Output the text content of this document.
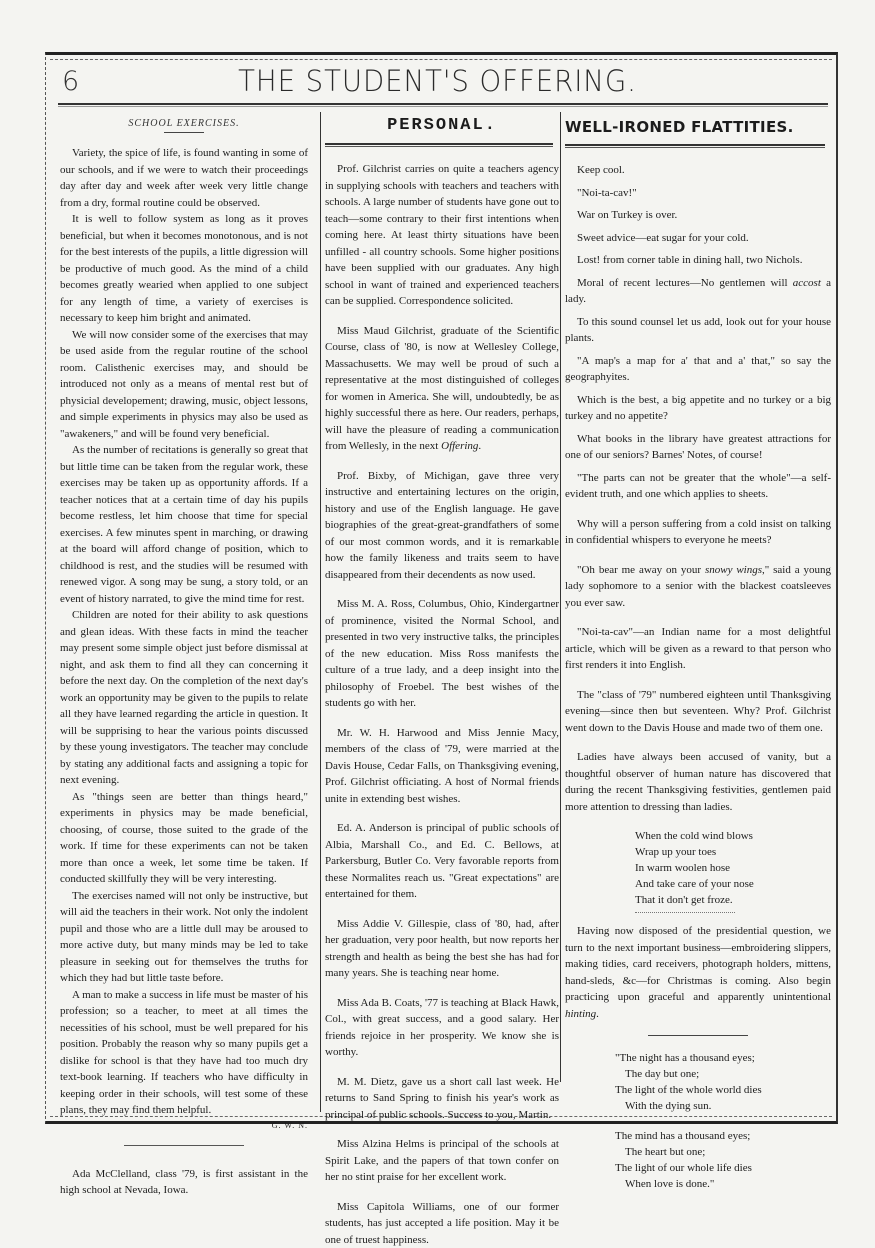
6	THE STUDENT'S OFFERING.
SCHOOL EXERCISES.

Variety, the spice of life, is found wanting in some of our schools, and if we were to watch their proceedings day after day and week after week very little change from a dry, formal routine could be observed.

It is well to follow system as long as it proves beneficial, but when it becomes monotonous, and is not for the best interests of the pupils, a little digression will be productive of much good. As the mind of a child becomes greatly wearied when applied to one subject for any length of time, a variety of exercises is necessary to keep him bright and animated.

We will now consider some of the exercises that may be used aside from the regular routine of the school room. Calisthenic exercises may, and should be introduced not only as a means of mental rest but of physicial developement; drawing, music, object lessons, and simple experiments in physics may also be used as "awakeners," and will be found very beneficial.

As the number of recitations is generally so great that but little time can be taken from the regular work, these exercises may be taken up as opportunity affords. If a teacher notices that at a certain time of day his pupils become restless, let him choose that time for special exercises. A few minutes spent in marching, or drawing at the board will afford change of position, which to childhood is rest, and the studies will be resumed with renewed vigor. A song may be sung, a story told, or an event of history narrated, to give the mind time for rest.

Children are noted for their ability to ask questions and glean ideas. With these facts in mind the teacher may present some simple object just before dismissal at night, and ask them to find all they can concerning it before the next day. On the completion of the next day's work an opportunity may be given to the pupils to relate all they have learned regarding the article in question. It will be supprising to hear the various points discussed by these young investigators. The teacher may conclude by stating any additional facts and assigning a topic for next evening.

As "things seen are better than things heard," experiments in physics may be made beneficial, choosing, of course, those suited to the grade of the work. If time for these experiments can not be taken more than once a week, let some time be taken. If conducted skillfully they will be very interesting.

The exercises named will not only be instructive, but will aid the teachers in their work. Not only the indolent pupil and those who are a little dull may be aroused to more active duty, but many minds may be led to take pleasure in seeking out for themselves the truths for which they had but little taste before.

A man to make a success in life must be master of his profession; so a teacher, to meet at all times the necessities of his school, must be well prepared for his position. Probably the reason why so many pupils get a dislike for school is that they have had too much dry text-book learning. If teachers who have difficulty in keeping order in their schools, will test some of these plans, they may find them helpful.

G. W. N.

Ada McClelland, class '79, is first assistant in the high school at Nevada, Iowa.

PERSONAL.

Prof. Gilchrist carries on quite a teachers agency in supplying schools with teachers and teachers with schools. A large number of students have gone out to teach—some contrary to their first intentions when coming here. At least thirty situations have been unfilled - all country schools. Some higher positions have been supplied with our graduates. Any high school in want of trained and experienced teachers can be supplied. Correspondence solicited.

Miss Maud Gilchrist, graduate of the Scientific Course, class of '80, is now at Wellesley College, Massachusetts. We may well be proud of such a representative at the most distinguished of colleges for women in America. She will, undoubtedly, be as highly successful there as here. Our readers, perhaps, will have the pleasure of reading a communication from Wellesly, in the next Offering.

Prof. Bixby, of Michigan, gave three very instructive and entertaining lectures on the origin, history and use of the English language. He gave biographies of the great-great-grandfathers of some of our most common words, and it is remarkable how the family likeness and traits seem to have disappeared from their decendents as now used.

Miss M. A. Ross, Columbus, Ohio, Kindergartner of prominence, visited the Normal School, and presented in two very instructive talks, the principles of the new education. Miss Ross manifests the culture of a true lady, and a deep insight into the philosophy of Froebel. The best wishes of the students go with her.

Mr. W. H. Harwood and Miss Jennie Macy, members of the class of '79, were married at the Davis House, Cedar Falls, on Thanksgiving evening, Prof. Gilchrist officiating. A host of Normal friends unite in extending best wishes.

Ed. A. Anderson is principal of public schools of Albia, Marshall Co., and Ed. C. Bellows, at Parkersburg, Butler Co. Very favorable reports from these Normalites reach us. "Great expectations" are entertained for them.

Miss Addie V. Gillespie, class of '80, had, after her graduation, very poor health, but now reports her strength and health as being the best she has had for many years. She is teaching near home.

Miss Ada B. Coats, '77 is teaching at Black Hawk, Col., with great success, and a good salary. Her friends rejoice in her prosperity. We know she is worthy.

M. M. Dietz, gave us a short call last week. He returns to Sand Spring to finish his year's work as principal of public schools. Success to you, Martin.

Miss Alzina Helms is principal of the schools at Spirit Lake, and the papers of that town confer on her no stint praise for her excellent work.

Miss Capitola Williams, one of our former students, has just accepted a life position. May it be one of truest happiness.

WELL-IRONED FLATTITIES.

Keep cool.

"Noi-ta-cav!"

War on Turkey is over.

Sweet advice—eat sugar for your cold.

Lost! from corner table in dining hall, two Nichols.

Moral of recent lectures—No gentlemen will accost a lady.

To this sound counsel let us add, look out for your house plants.

"A map's a map for a' that and a' that," so say the geographyites.

Which is the best, a big appetite and no turkey or a big turkey and no appetite?

What books in the library have greatest attractions for one of our seniors? Barnes' Notes, of course!

"The parts can not be greater that the whole"—a self-evident truth, and one which applies to sheets.

Why will a person suffering from a cold insist on talking in confidential whispers to everyone he meets?

"Oh bear me away on your snowy wings," said a young lady sophomore to a senior with the blackest coatsleeves you ever saw.

"Noi-ta-cav"—an Indian name for a most delightful article, which will be given as a reward to that person who first renders it into English.

The "class of '79" numbered eighteen until Thanksgiving evening—since then but seventeen. Why? Prof. Gilchrist went down to the Davis House and made two of them one.

Ladies have always been accused of vanity, but a thoughtful observer of human nature has discovered that during the recent Thanksgiving festivities, gentlemen paid more attention to dressing than ladies.

When the cold wind blows
Wrap up your toes
In warm woolen hose
And take care of your nose
That it don't get froze.

Having now disposed of the presidential question, we turn to the next important business—embroidering slippers, making tidies, card receivers, photograph holders, mittens, hand-sleds, &c—for Christmas is coming. Also begin practicing upon graceful and apparently unintentional hinting.

"The night has a thousand eyes;
The day but one;
The light of the whole world dies
With the dying sun.
The mind has a thousand eyes;
The heart but one;
The light of our whole life dies
When love is done."
